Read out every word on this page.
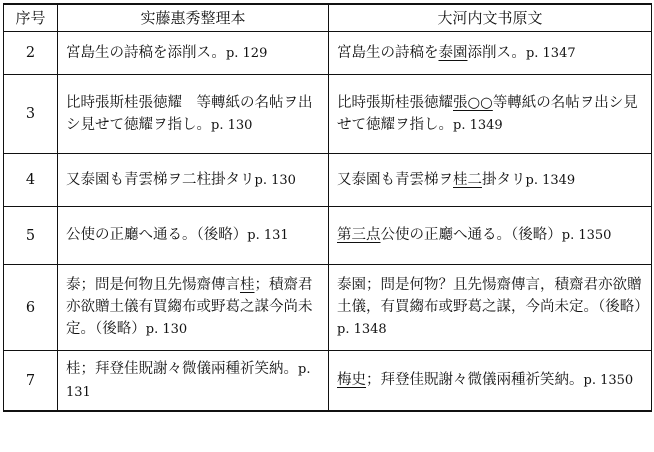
序号	实藤惠秀整理本	大河内文书原文
2	宮島生の詩稿を添削ス。p. 129	宮島生の詩稿を泰園添削ス。p. 1347
3	比時張斯桂張徳耀　等轉紙の名帖ヲ出シ見せて徳耀ヲ指し。p. 130	比時張斯桂張徳耀張○○等轉紙の名帖ヲ出シ見せて徳耀ヲ指し。p. 1349
4	又泰園も青雲梯ヲ二柱掛タリp. 130	又泰園も青雲梯ヲ桂二掛タリp. 1349
5	公使の正廳へ通る。（後略）p. 131	第三点公使の正廳へ通る。（後略）p. 1350
6	泰；問是何物且先愓齋傳言桂；積齋君亦欲贈土儀有買縐布或野葛之謀今尚未定。（後略）p. 130	泰園；問是何物？且先愓齋傳言，積齋君亦欲贈土儀，有買縐布或野葛之謀，今尚未定。（後略）p. 1348
7	桂；拜登佳貺謝々微儀兩種祈笑納。p. 131	梅史；拜登佳貺謝々微儀兩種祈笑納。p. 1350
